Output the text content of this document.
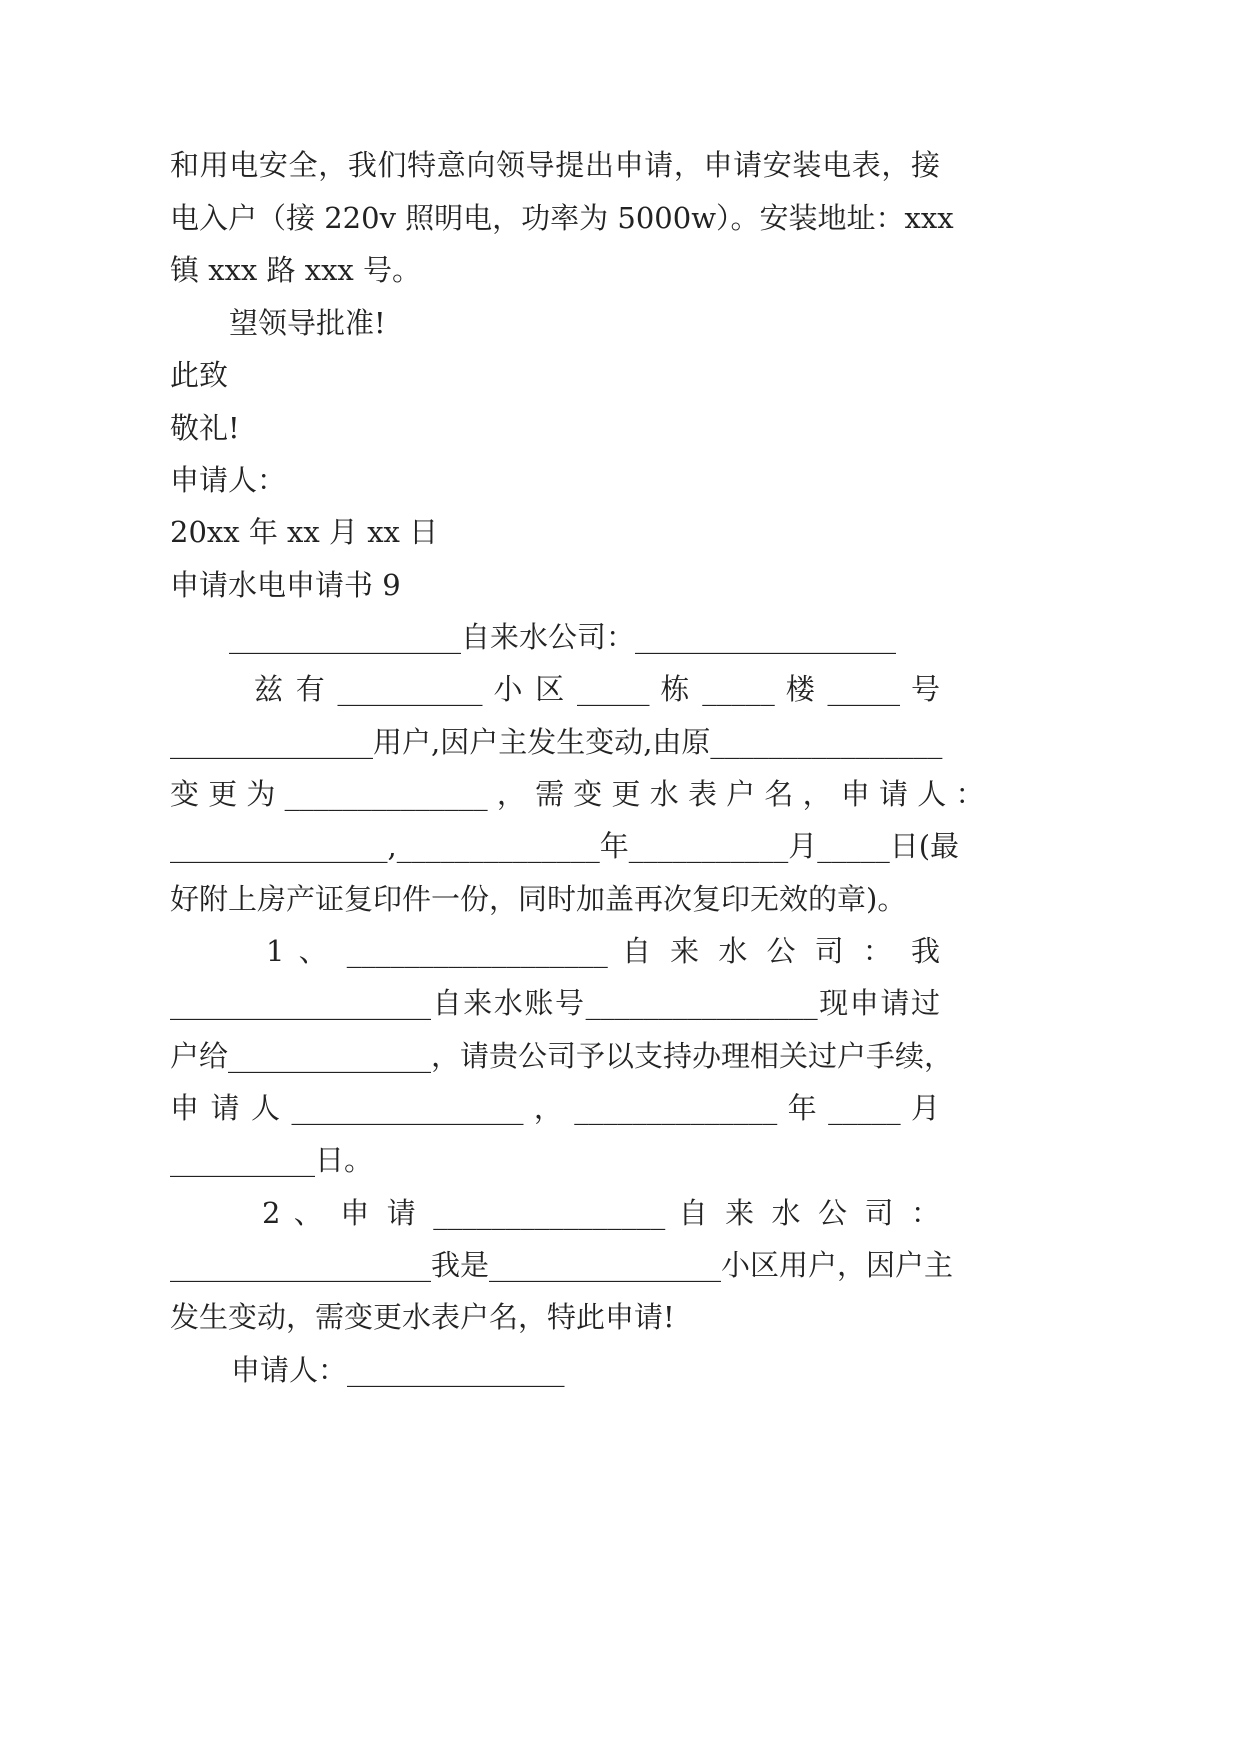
和用电安全，我们特意向领导提出申请，申请安装电表，接
电入户（接 220v 照明电，功率为 5000w）。安装地址：xxx
镇 xxx 路 xxx 号。
望领导批准!
此致
敬礼!
申请人：
20xx 年 xx 月 xx 日
申请水电申请书 9
________________自来水公司：__________________
兹 有 __________ 小 区 _____ 栋 _____ 楼 _____ 号
______________用户,因户主发生变动,由原________________
变 更 为 ______________ ， 需 变 更 水 表 户 名 ， 申 请 人 ：
_______________,______________年___________月_____日(最
好附上房产证复印件一份，同时加盖再次复印无效的章)。
1 、 __________________ 自 来 水 公 司 ： 我
__________________自来水账号________________现申请过
户给______________，请贵公司予以支持办理相关过户手续，
申 请 人 ________________ ， ______________ 年 _____ 月
__________日。
2 、 申 请 ________________ 自 来 水 公 司 ：
__________________我是________________小区用户，因户主
发生变动，需变更水表户名，特此申请!
申请人：_______________
